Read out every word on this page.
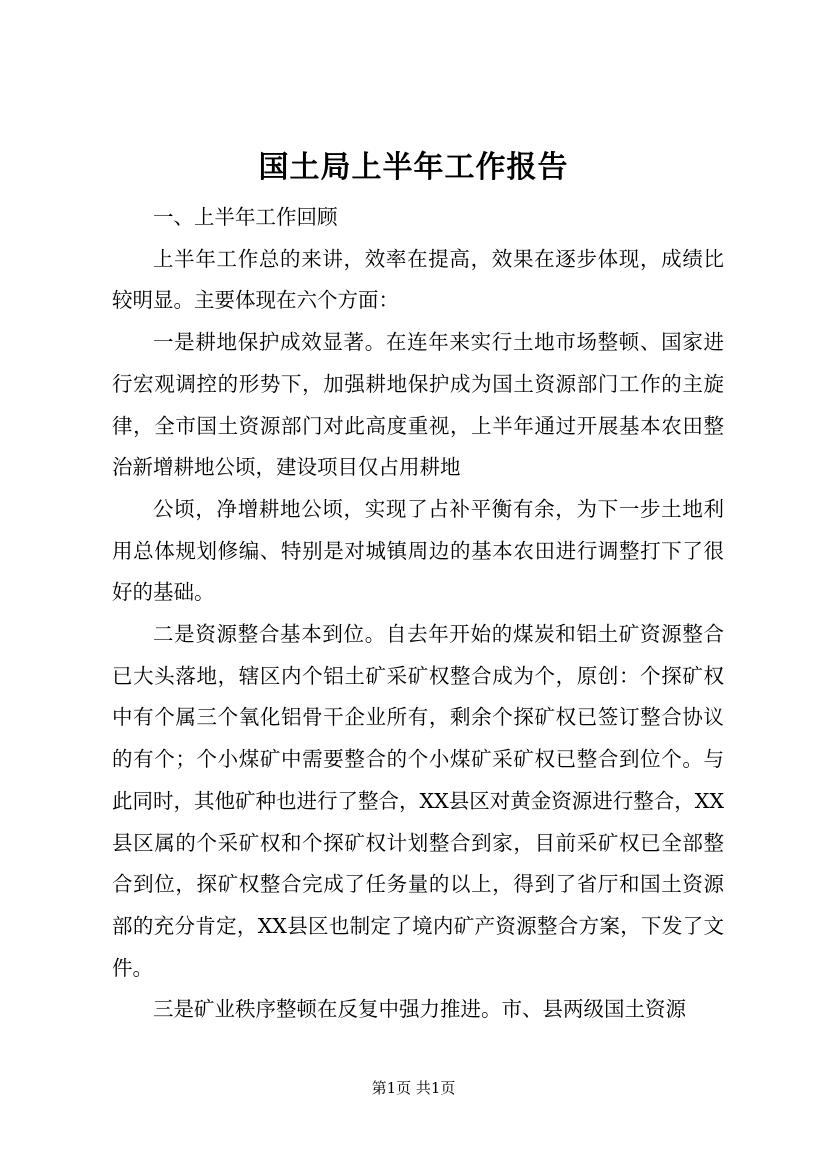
国土局上半年工作报告

一、上半年工作回顾

上半年工作总的来讲，效率在提高，效果在逐步体现，成绩比较明显。主要体现在六个方面：

一是耕地保护成效显著。在连年来实行土地市场整顿、国家进行宏观调控的形势下，加强耕地保护成为国土资源部门工作的主旋律，全市国土资源部门对此高度重视，上半年通过开展基本农田整治新增耕地公顷，建设项目仅占用耕地

公顷，净增耕地公顷，实现了占补平衡有余，为下一步土地利用总体规划修编、特别是对城镇周边的基本农田进行调整打下了很好的基础。

二是资源整合基本到位。自去年开始的煤炭和铝土矿资源整合已大头落地，辖区内个铝土矿采矿权整合成为个，原创：个探矿权中有个属三个氧化铝骨干企业所有，剩余个探矿权已签订整合协议的有个；个小煤矿中需要整合的个小煤矿采矿权已整合到位个。与此同时，其他矿种也进行了整合，XX县区对黄金资源进行整合，XX县区属的个采矿权和个探矿权计划整合到家，目前采矿权已全部整合到位，探矿权整合完成了任务量的以上，得到了省厅和国土资源部的充分肯定，XX县区也制定了境内矿产资源整合方案，下发了文件。

三是矿业秩序整顿在反复中强力推进。市、县两级国土资源

第1页 共1页
